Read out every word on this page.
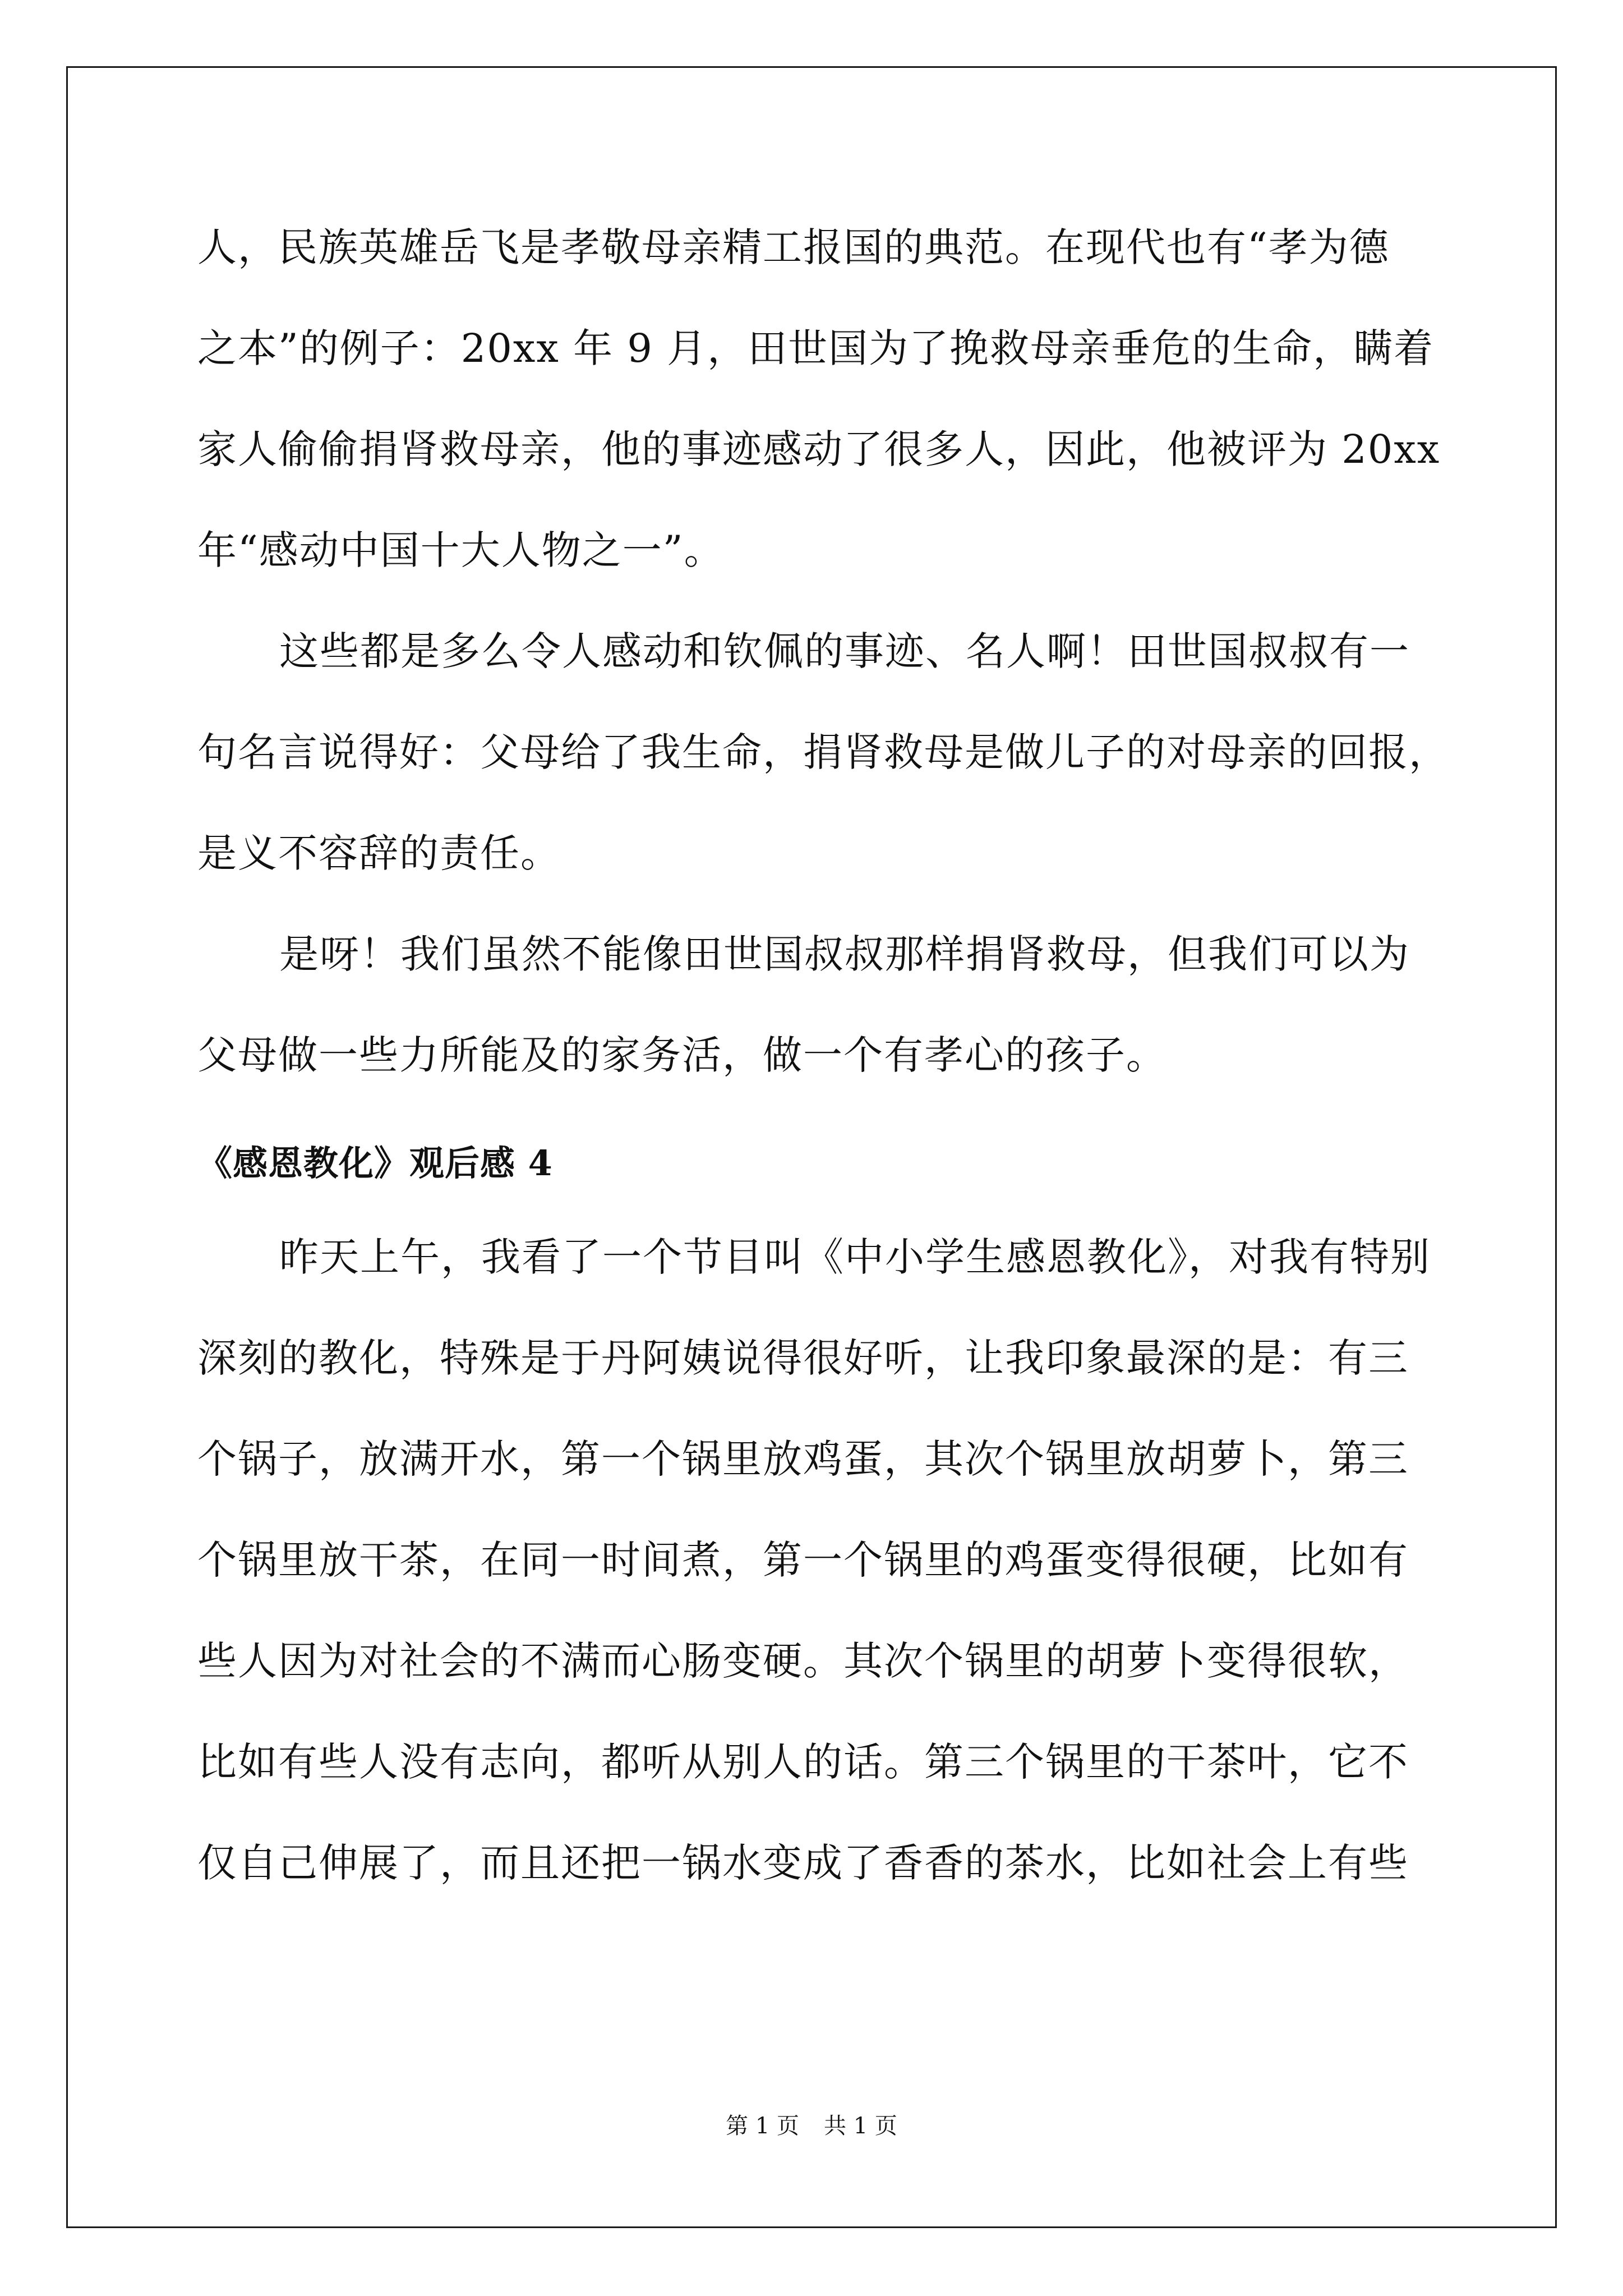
人，民族英雄岳飞是孝敬母亲精工报国的典范。在现代也有“孝为德

之本”的例子：20xx 年 9 月，田世国为了挽救母亲垂危的生命，瞒着

家人偷偷捐肾救母亲，他的事迹感动了很多人，因此，他被评为 20xx

年“感动中国十大人物之一”。

这些都是多么令人感动和钦佩的事迹、名人啊！田世国叔叔有一

句名言说得好：父母给了我生命，捐肾救母是做儿子的对母亲的回报，

是义不容辞的责任。

是呀！我们虽然不能像田世国叔叔那样捐肾救母，但我们可以为

父母做一些力所能及的家务活，做一个有孝心的孩子。

《感恩教化》观后感 4

昨天上午，我看了一个节目叫《中小学生感恩教化》，对我有特别

深刻的教化，特殊是于丹阿姨说得很好听，让我印象最深的是：有三

个锅子，放满开水，第一个锅里放鸡蛋，其次个锅里放胡萝卜，第三

个锅里放干茶，在同一时间煮，第一个锅里的鸡蛋变得很硬，比如有

些人因为对社会的不满而心肠变硬。其次个锅里的胡萝卜变得很软，

比如有些人没有志向，都听从别人的话。第三个锅里的干茶叶，它不

仅自己伸展了，而且还把一锅水变成了香香的茶水，比如社会上有些

第 1 页 共 1 页
